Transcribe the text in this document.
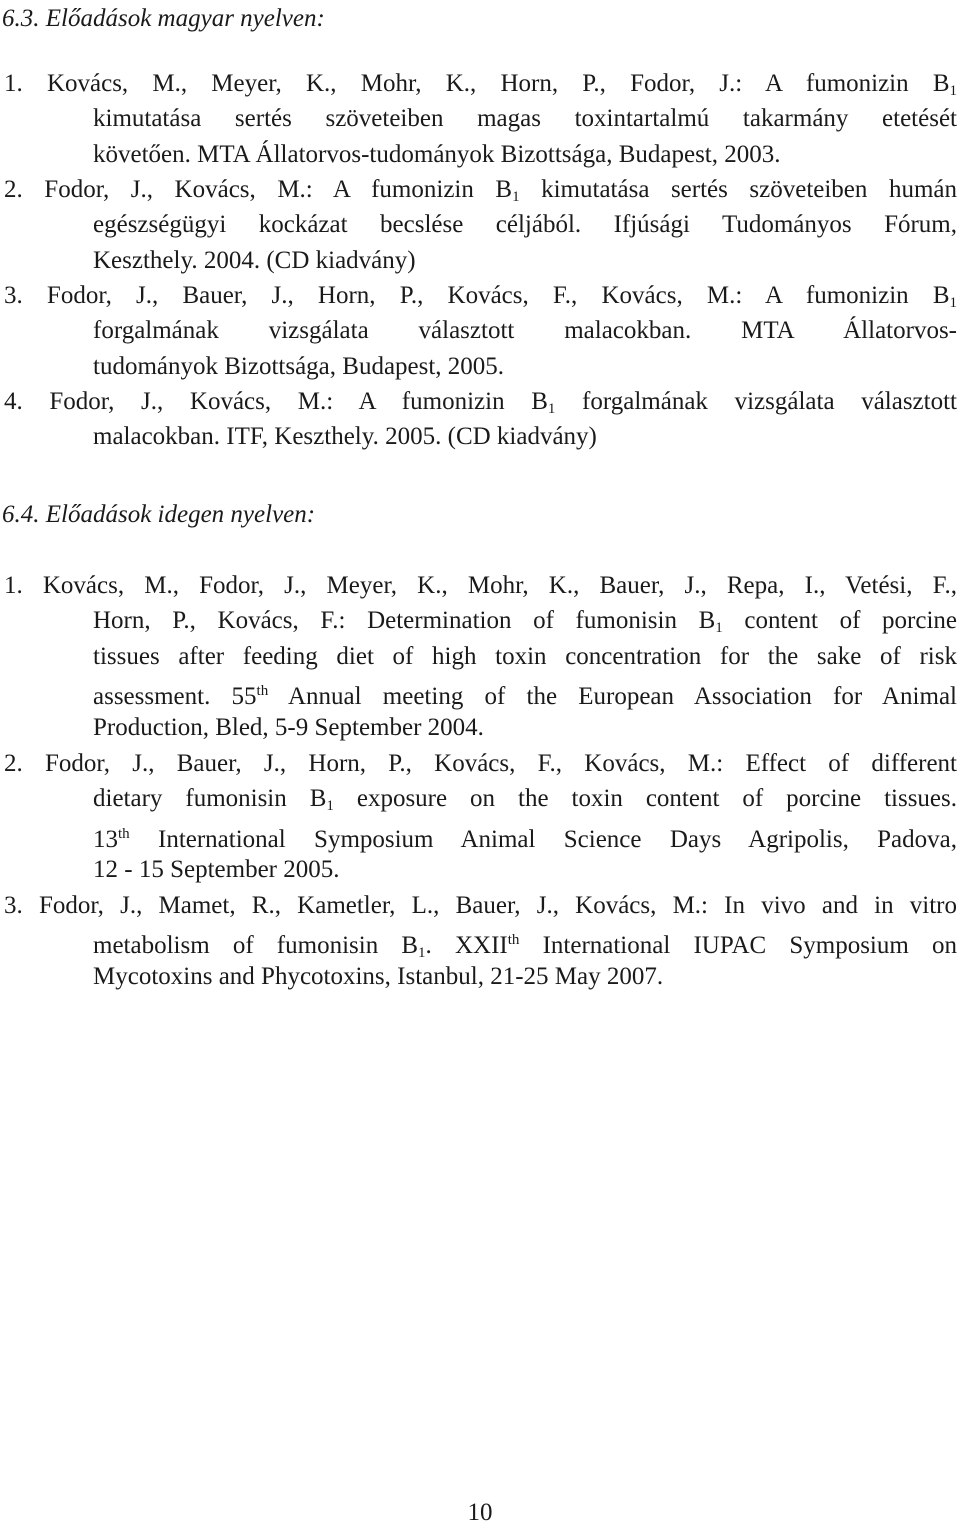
6.3. Előadások magyar nyelven:
1. Kovács, M., Meyer, K., Mohr, K., Horn, P., Fodor, J.: A fumonizin $B_1$
kimutatása sertés szöveteiben magas toxintartalmú takarmány etetését
követően. MTA Állatorvos-tudományok Bizottsága, Budapest, 2003.
2. Fodor, J., Kovács, M.: A fumonizin $B_1$ kimutatása sertés szöveteiben humán
egészségügyi kockázat becslése céljából. Ifjúsági Tudományos Fórum,
Keszthely. 2004. (CD kiadvány)
3. Fodor, J., Bauer, J., Horn, P., Kovács, F., Kovács, M.: A fumonizin $B_1$
forgalmának vizsgálata választott malacokban. MTA Állatorvos-
tudományok Bizottsága, Budapest, 2005.
4. Fodor, J., Kovács, M.: A fumonizin $B_1$ forgalmának vizsgálata választott
malacokban. ITF, Keszthely. 2005. (CD kiadvány)
6.4. Előadások idegen nyelven:
1. Kovács, M., Fodor, J., Meyer, K., Mohr, K., Bauer, J., Repa, I., Vetési, F.,
Horn, P., Kovács, F.: Determination of fumonisin $B_1$ content of porcine
tissues after feeding diet of high toxin concentration for the sake of risk
assessment. 55th Annual meeting of the European Association for Animal
Production, Bled, 5-9 September 2004.
2. Fodor, J., Bauer, J., Horn, P., Kovács, F., Kovács, M.: Effect of different
dietary fumonisin $B_1$ exposure on the toxin content of porcine tissues.
13th International Symposium Animal Science Days Agripolis, Padova,
12 - 15 September 2005.
3. Fodor, J., Mamet, R., Kametler, L., Bauer, J., Kovács, M.: In vivo and in vitro
metabolism of fumonisin $B_1$. XXIIth International IUPAC Symposium on
Mycotoxins and Phycotoxins, Istanbul, 21-25 May 2007.
10
